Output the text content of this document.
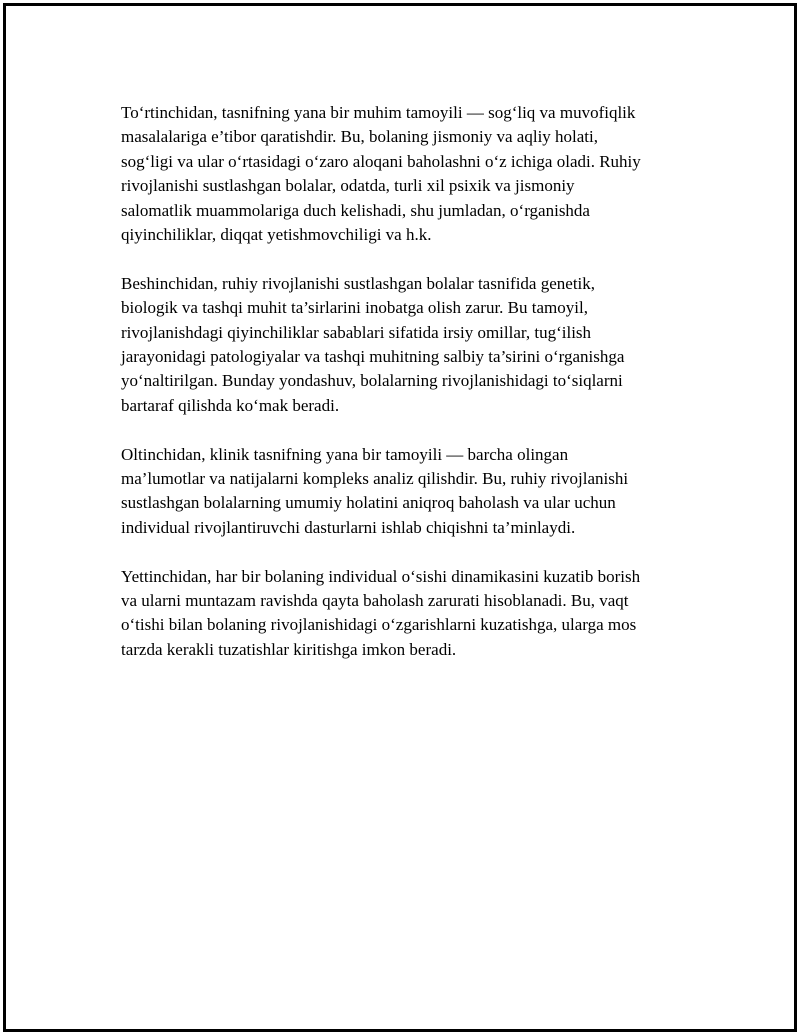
To‘rtinchidan, tasnifning yana bir muhim tamoyili — sog‘liq va muvofiqlik
masalalariga e’tibor qaratishdir. Bu, bolaning jismoniy va aqliy holati,
sog‘ligi va ular o‘rtasidagi o‘zaro aloqani baholashni o‘z ichiga oladi. Ruhiy
rivojlanishi sustlashgan bolalar, odatda, turli xil psixik va jismoniy
salomatlik muammolariga duch kelishadi, shu jumladan, o‘rganishda
qiyinchiliklar, diqqat yetishmovchiligi va h.k.

Beshinchidan, ruhiy rivojlanishi sustlashgan bolalar tasnifida genetik,
biologik va tashqi muhit ta’sirlarini inobatga olish zarur. Bu tamoyil,
rivojlanishdagi qiyinchiliklar sabablari sifatida irsiy omillar, tug‘ilish
jarayonidagi patologiyalar va tashqi muhitning salbiy ta’sirini o‘rganishga
yo‘naltirilgan. Bunday yondashuv, bolalarning rivojlanishidagi to‘siqlarni
bartaraf qilishda ko‘mak beradi.

Oltinchidan, klinik tasnifning yana bir tamoyili — barcha olingan
ma’lumotlar va natijalarni kompleks analiz qilishdir. Bu, ruhiy rivojlanishi
sustlashgan bolalarning umumiy holatini aniqroq baholash va ular uchun
individual rivojlantiruvchi dasturlarni ishlab chiqishni ta’minlaydi.

Yettinchidan, har bir bolaning individual o‘sishi dinamikasini kuzatib borish
va ularni muntazam ravishda qayta baholash zarurati hisoblanadi. Bu, vaqt
o‘tishi bilan bolaning rivojlanishidagi o‘zgarishlarni kuzatishga, ularga mos
tarzda kerakli tuzatishlar kiritishga imkon beradi.
